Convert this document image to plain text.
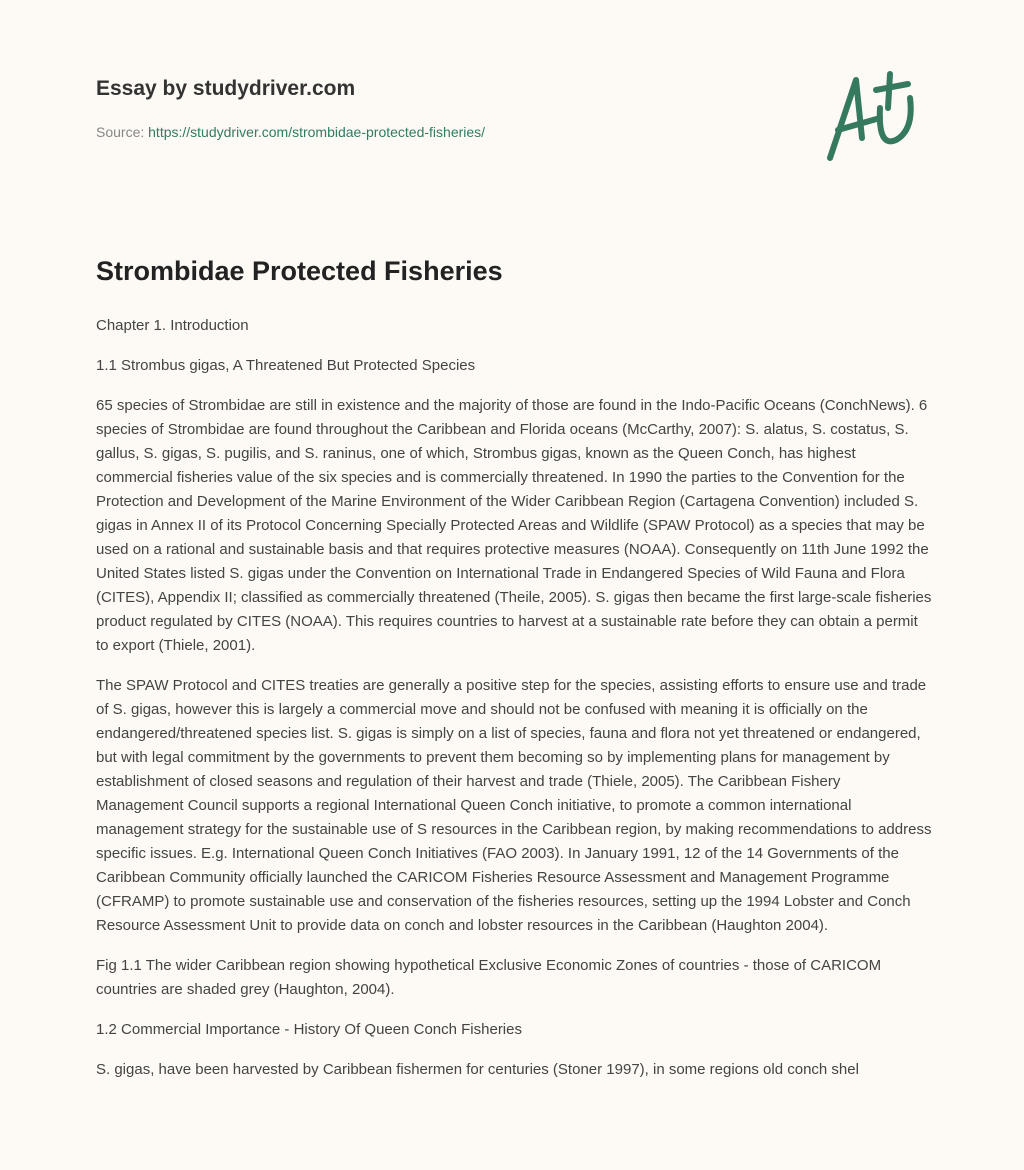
Essay by studydriver.com
Source: https://studydriver.com/strombidae-protected-fisheries/
Strombidae Protected Fisheries

Chapter 1. Introduction

1.1 Strombus gigas, A Threatened But Protected Species

65 species of Strombidae are still in existence and the majority of those are found in the Indo-Pacific Oceans (ConchNews). 6 species of Strombidae are found throughout the Caribbean and Florida oceans (McCarthy, 2007): S. alatus, S. costatus, S. gallus, S. gigas, S. pugilis, and S. raninus, one of which, Strombus gigas, known as the Queen Conch, has highest commercial fisheries value of the six species and is commercially threatened. In 1990 the parties to the Convention for the Protection and Development of the Marine Environment of the Wider Caribbean Region (Cartagena Convention) included S. gigas in Annex II of its Protocol Concerning Specially Protected Areas and Wildlife (SPAW Protocol) as a species that may be used on a rational and sustainable basis and that requires protective measures (NOAA). Consequently on 11th June 1992 the United States listed S. gigas under the Convention on International Trade in Endangered Species of Wild Fauna and Flora (CITES), Appendix II; classified as commercially threatened (Theile, 2005). S. gigas then became the first large-scale fisheries product regulated by CITES (NOAA). This requires countries to harvest at a sustainable rate before they can obtain a permit to export (Thiele, 2001).

The SPAW Protocol and CITES treaties are generally a positive step for the species, assisting efforts to ensure use and trade of S. gigas, however this is largely a commercial move and should not be confused with meaning it is officially on the endangered/threatened species list. S. gigas is simply on a list of species, fauna and flora not yet threatened or endangered, but with legal commitment by the governments to prevent them becoming so by implementing plans for management by establishment of closed seasons and regulation of their harvest and trade (Thiele, 2005). The Caribbean Fishery Management Council supports a regional International Queen Conch initiative, to promote a common international management strategy for the sustainable use of S resources in the Caribbean region, by making recommendations to address specific issues. E.g. International Queen Conch Initiatives (FAO 2003). In January 1991, 12 of the 14 Governments of the Caribbean Community officially launched the CARICOM Fisheries Resource Assessment and Management Programme (CFRAMP) to promote sustainable use and conservation of the fisheries resources, setting up the 1994 Lobster and Conch Resource Assessment Unit to provide data on conch and lobster resources in the Caribbean (Haughton 2004).

Fig 1.1 The wider Caribbean region showing hypothetical Exclusive Economic Zones of countries - those of CARICOM countries are shaded grey (Haughton, 2004).

1.2 Commercial Importance - History Of Queen Conch Fisheries

S. gigas, have been harvested by Caribbean fishermen for centuries (Stoner 1997), in some regions old conch shel
